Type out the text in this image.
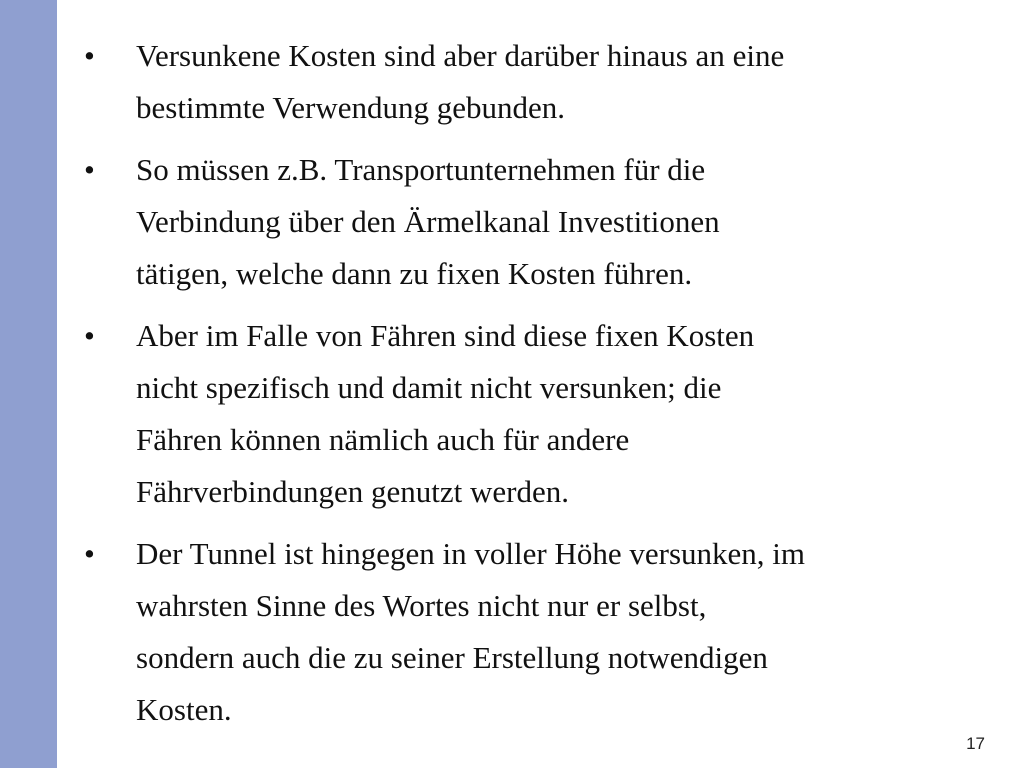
•	Versunkene Kosten sind aber darüber hinaus an eine
bestimmte Verwendung gebunden.
•	So müssen z.B. Transportunternehmen für die
Verbindung über den Ärmelkanal Investitionen
tätigen, welche dann zu fixen Kosten führen.
•	Aber im Falle von Fähren sind diese fixen Kosten
nicht spezifisch und damit nicht versunken; die
Fähren können nämlich auch für andere
Fährverbindungen genutzt werden.
•	Der Tunnel ist hingegen in voller Höhe versunken, im
wahrsten Sinne des Wortes nicht nur er selbst,
sondern auch die zu seiner Erstellung notwendigen
Kosten.
17
